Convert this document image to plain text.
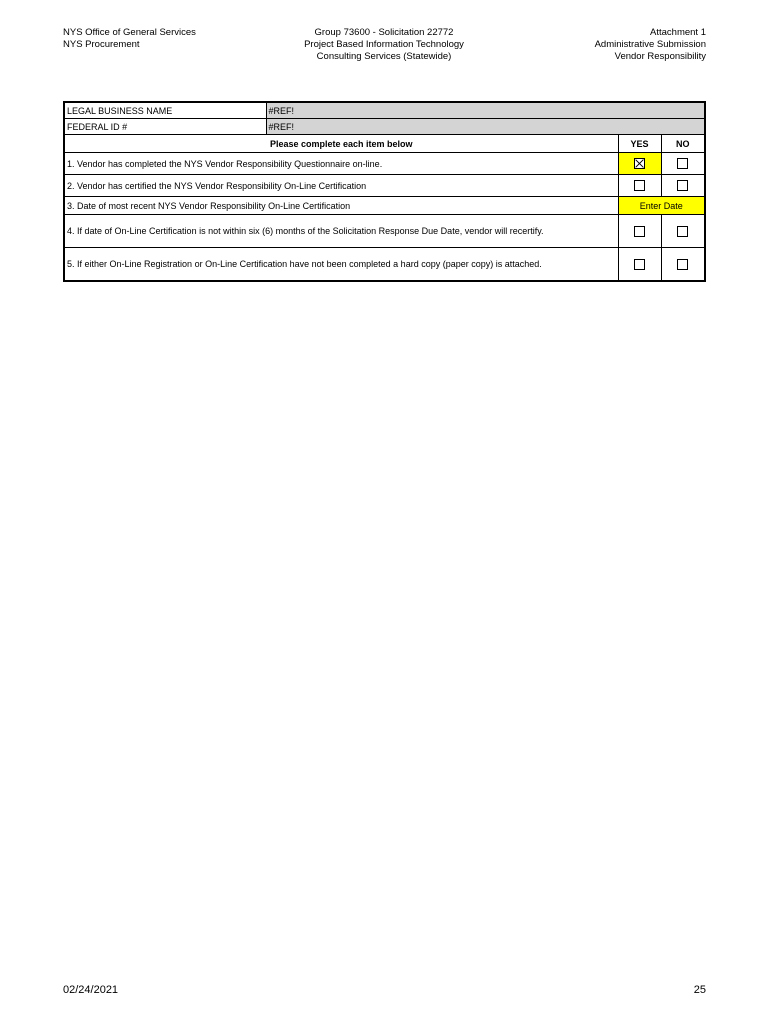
NYS Office of General Services
NYS Procurement
Group 73600 - Solicitation 22772
Project Based Information Technology
Consulting Services (Statewide)
Attachment 1
Administrative Submission
Vendor Responsibility
LEGAL BUSINESS NAME	#REF!		
FEDERAL ID #	#REF!		
Please complete each item below		YES	NO
1. Vendor has completed the NYS Vendor Responsibility Questionnaire on-line.			
2. Vendor has certified the NYS Vendor Responsibility On-Line Certification			
3. Date of most recent NYS Vendor Responsibility On-Line Certification		Enter Date	
4. If date of On-Line Certification is not within six (6) months of the Solicitation Response Due Date, vendor will recertify.			
5. If either On-Line Registration or On-Line Certification have not been completed a hard copy (paper copy) is attached.			
02/24/2021	25
